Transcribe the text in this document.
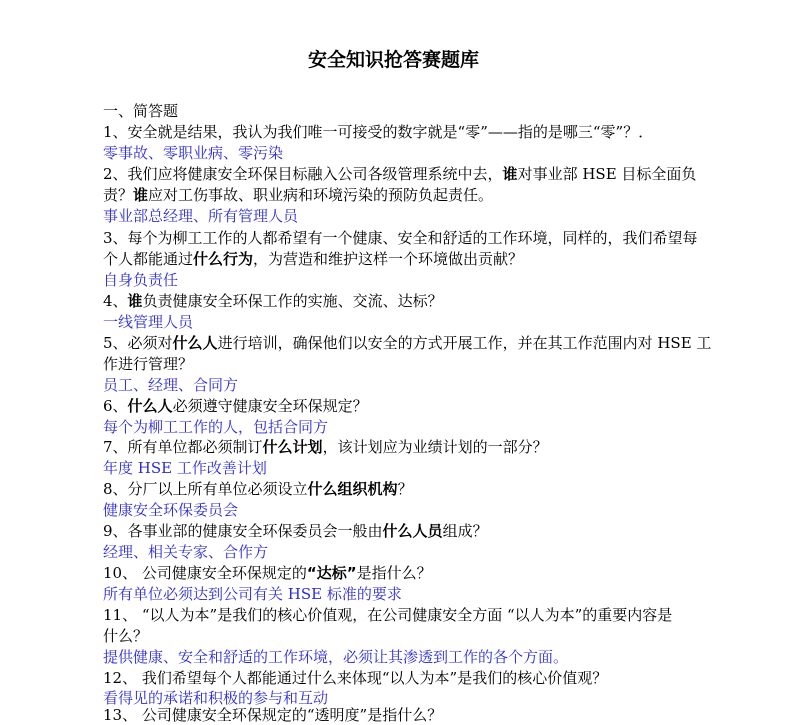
安全知识抢答赛题库
一、简答题
1、安全就是结果，我认为我们唯一可接受的数字就是“零”——指的是哪三“零”？．
零事故、零职业病、零污染
2、我们应将健康安全环保目标融入公司各级管理系统中去，谁对事业部 HSE 目标全面负
责？谁应对工伤事故、职业病和环境污染的预防负起责任。
事业部总经理、所有管理人员
3、每个为柳工工作的人都希望有一个健康、安全和舒适的工作环境，同样的，我们希望每
个人都能通过什么行为，为营造和维护这样一个环境做出贡献？
自身负责任
4、谁负责健康安全环保工作的实施、交流、达标？
一线管理人员
5、必须对什么人进行培训，确保他们以安全的方式开展工作，并在其工作范围内对 HSE 工
作进行管理？
员工、经理、合同方
6、什么人必须遵守健康安全环保规定？
每个为柳工工作的人，包括合同方
7、所有单位都必须制订什么计划，该计划应为业绩计划的一部分？
年度 HSE 工作改善计划
8、分厂以上所有单位必须设立什么组织机构？
健康安全环保委员会
9、各事业部的健康安全环保委员会一般由什么人员组成？
经理、相关专家、合作方
10、 公司健康安全环保规定的“达标”是指什么？
所有单位必须达到公司有关 HSE 标准的要求
11、 “以人为本”是我们的核心价值观，在公司健康安全方面 “以人为本”的重要内容是
什么？
提供健康、安全和舒适的工作环境，必须让其渗透到工作的各个方面。
12、 我们希望每个人都能通过什么来体现“以人为本”是我们的核心价值观？
看得见的承诺和积极的参与和互动
13、 公司健康安全环保规定的“透明度”是指什么？
